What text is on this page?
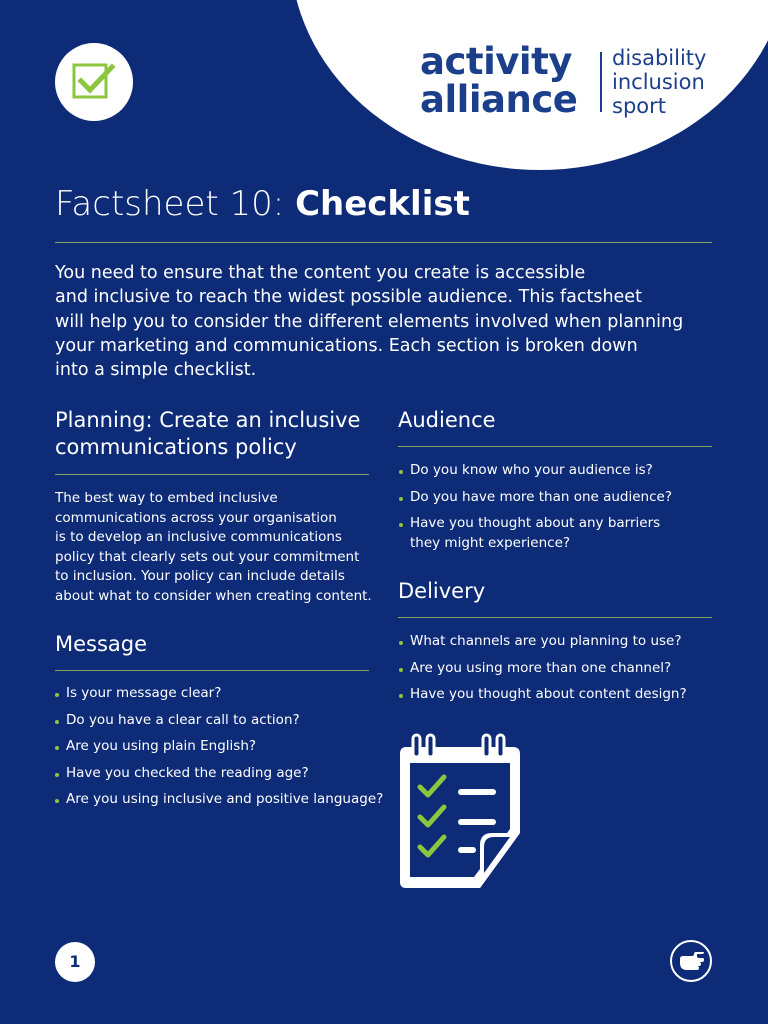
activity
alliance
disability
inclusion
sport
Factsheet 10: Checklist

You need to ensure that the content you create is accessible
and inclusive to reach the widest possible audience. This factsheet
will help you to consider the different elements involved when planning
your marketing and communications. Each section is broken down
into a simple checklist.

Planning: Create an inclusive
communications policy

The best way to embed inclusive
communications across your organisation
is to develop an inclusive communications
policy that clearly sets out your commitment
to inclusion. Your policy can include details
about what to consider when creating content.

Message
Is your message clear?
Do you have a clear call to action?
Are you using plain English?
Have you checked the reading age?
Are you using inclusive and positive language?
Audience
Do you know who your audience is?
Do you have more than one audience?
Have you thought about any barriers
they might experience?
Delivery
What channels are you planning to use?
Are you using more than one channel?
Have you thought about content design?
1
